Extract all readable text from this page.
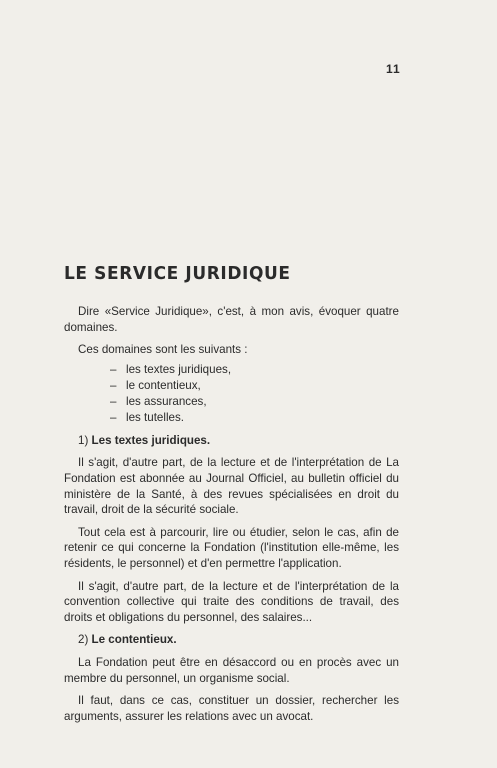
11
LE SERVICE JURIDIQUE

Dire «Service Juridique», c'est, à mon avis, évoquer quatre domaines.

Ces domaines sont les suivants :

– les textes juridiques,
– le contentieux,
– les assurances,
– les tutelles.

1) Les textes juridiques.

Il s'agit, d'autre part, de la lecture et de l'interprétation de La Fondation est abonnée au Journal Officiel, au bulletin officiel du ministère de la Santé, à des revues spécialisées en droit du travail, droit de la sécurité sociale.

Tout cela est à parcourir, lire ou étudier, selon le cas, afin de retenir ce qui concerne la Fondation (l'institution elle-même, les résidents, le personnel) et d'en permettre l'application.

Il s'agit, d'autre part, de la lecture et de l'interprétation de la convention collective qui traite des conditions de travail, des droits et obligations du personnel, des salaires...

2) Le contentieux.

La Fondation peut être en désaccord ou en procès avec un membre du personnel, un organisme social.

Il faut, dans ce cas, constituer un dossier, rechercher les arguments, assurer les relations avec un avocat.
